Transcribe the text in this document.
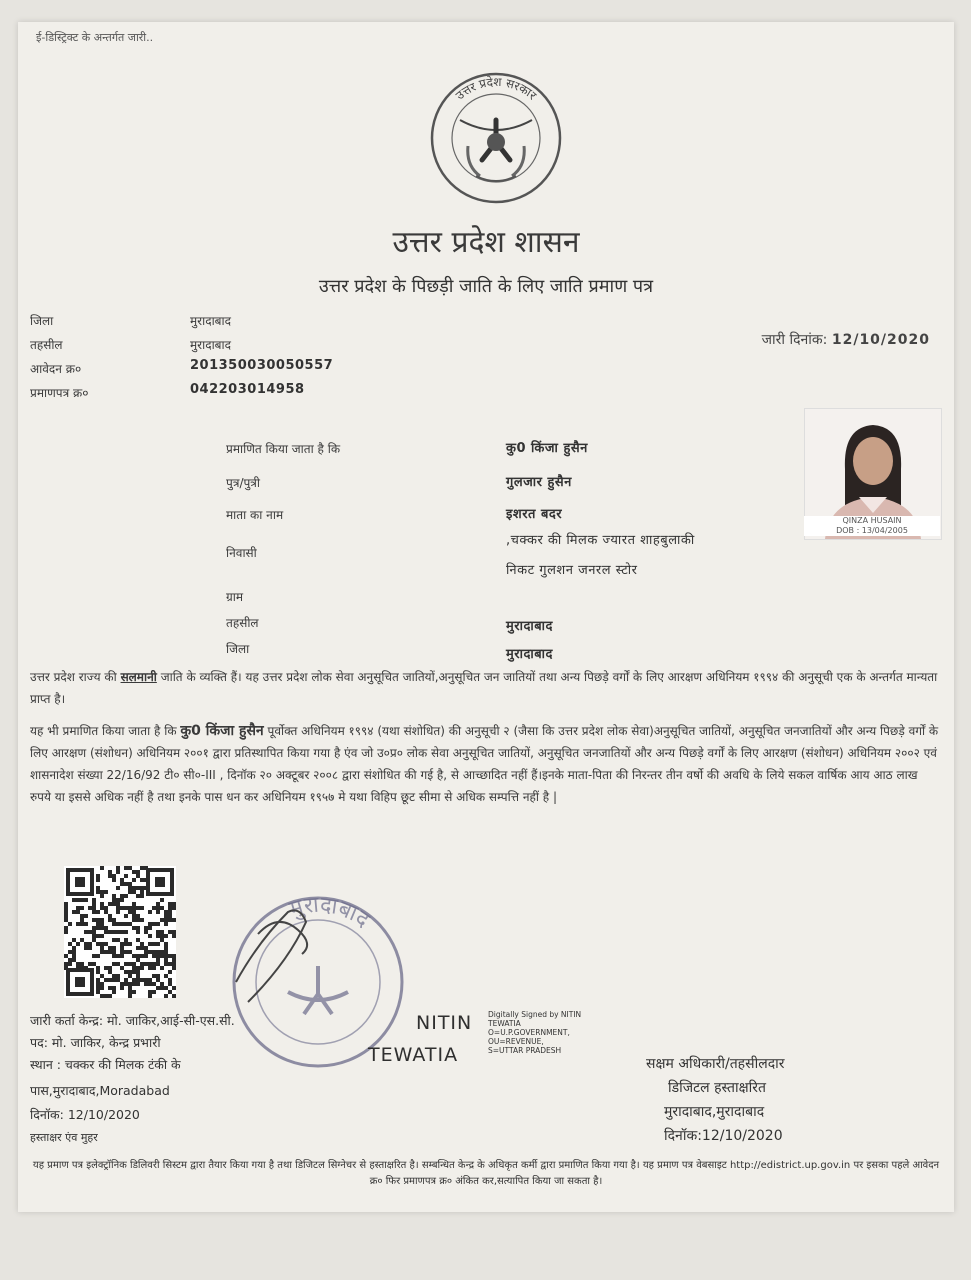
ई-डिस्ट्रिक्ट के अन्तर्गत जारी..
उत्तर प्रदेश सरकार
उत्तर प्रदेश शासन
उत्तर प्रदेश के पिछड़ी जाति के लिए जाति प्रमाण पत्र
जिला	मुरादाबाद
तहसील	मुरादाबाद
आवेदन क्र०	201350030050557
प्रमाणपत्र क्र०	042203014958
जारी दिनांक: 12/10/2020
QINZA HUSAIN
DOB : 13/04/2005
प्रमाणित किया जाता है कि	कु0 किंजा हुसैन
पुत्र/पुत्री	गुलजार हुसैन
माता का नाम	इशरत बदर
निवासी
,चक्कर की मिलक ज्यारत शाहबुलाकी
निकट गुलशन जनरल स्टोर
ग्राम
तहसील	मुरादाबाद
जिला	मुरादाबाद
उत्तर प्रदेश राज्य की सलमानी जाति के व्यक्ति हैं। यह उत्तर प्रदेश लोक सेवा अनुसूचित जातियों,अनुसूचित जन जातियों तथा अन्य पिछड़े वर्गों के लिए आरक्षण अधिनियम १९९४ की अनुसूची एक के अन्तर्गत मान्यता प्राप्त है।
यह भी प्रमाणित किया जाता है कि कु0 किंजा हुसैन पूर्वोक्त अधिनियम १९९४ (यथा संशोधित) की अनुसूची २ (जैसा कि उत्तर प्रदेश लोक सेवा)अनुसूचित जातियों, अनुसूचित जनजातियों और अन्य पिछड़े वर्गों के लिए आरक्षण (संशोधन) अधिनियम २००१ द्वारा प्रतिस्थापित किया गया है एंव जो उ०प्र० लोक सेवा अनुसूचित जातियों, अनुसूचित जनजातियों और अन्य पिछड़े वर्गों के लिए आरक्षण (संशोधन) अधिनियम २००२ एवं शासनादेश संख्या 22/16/92 टी० सी०-III , दिनॉक २० अक्टूबर २००८ द्वारा संशोधित की गई है, से आच्छादित नहीं हैं।इनके माता-पिता की निरन्तर तीन वर्षो की अवधि के लिये सकल वार्षिक आय आठ लाख रुपये या इससे अधिक नहीं है तथा इनके पास धन कर अधिनियम १९५७ मे यथा विहिप छूट सीमा से अधिक सम्पत्ति नहीं है |
मुरादाबाद
जारी कर्ता केन्द्र: मो. जाकिर,आई-सी-एस.सी.
पद: मो. जाकिर, केन्द्र प्रभारी
स्थान : चक्कर की मिलक टंकी के
पास,मुरादाबाद,Moradabad
दिनॉक: 12/10/2020
हस्ताक्षर एंव मुहर
NITIN
TEWATIA
Digitally Signed by NITIN
TEWATIA
O=U.P.GOVERNMENT,
OU=REVENUE,
S=UTTAR PRADESH
सक्षम अधिकारी/तहसीलदार
डिजिटल हस्ताक्षरित
मुरादाबाद,मुरादाबाद
दिनॉक:12/10/2020
यह प्रमाण पत्र इलेक्ट्रॉनिक डिलिवरी सिस्टम द्वारा तैयार किया गया है तथा डिजिटल सिग्नेचर से हस्ताक्षरित है। सम्बन्धित केन्द्र के अधिकृत कर्मी द्वारा प्रमाणित किया गया है। यह प्रमाण पत्र वेबसाइट http://edistrict.up.gov.in पर इसका पहले आवेदन क्र० फिर प्रमाणपत्र क्र० अंकित कर,सत्यापित किया जा सकता है।
